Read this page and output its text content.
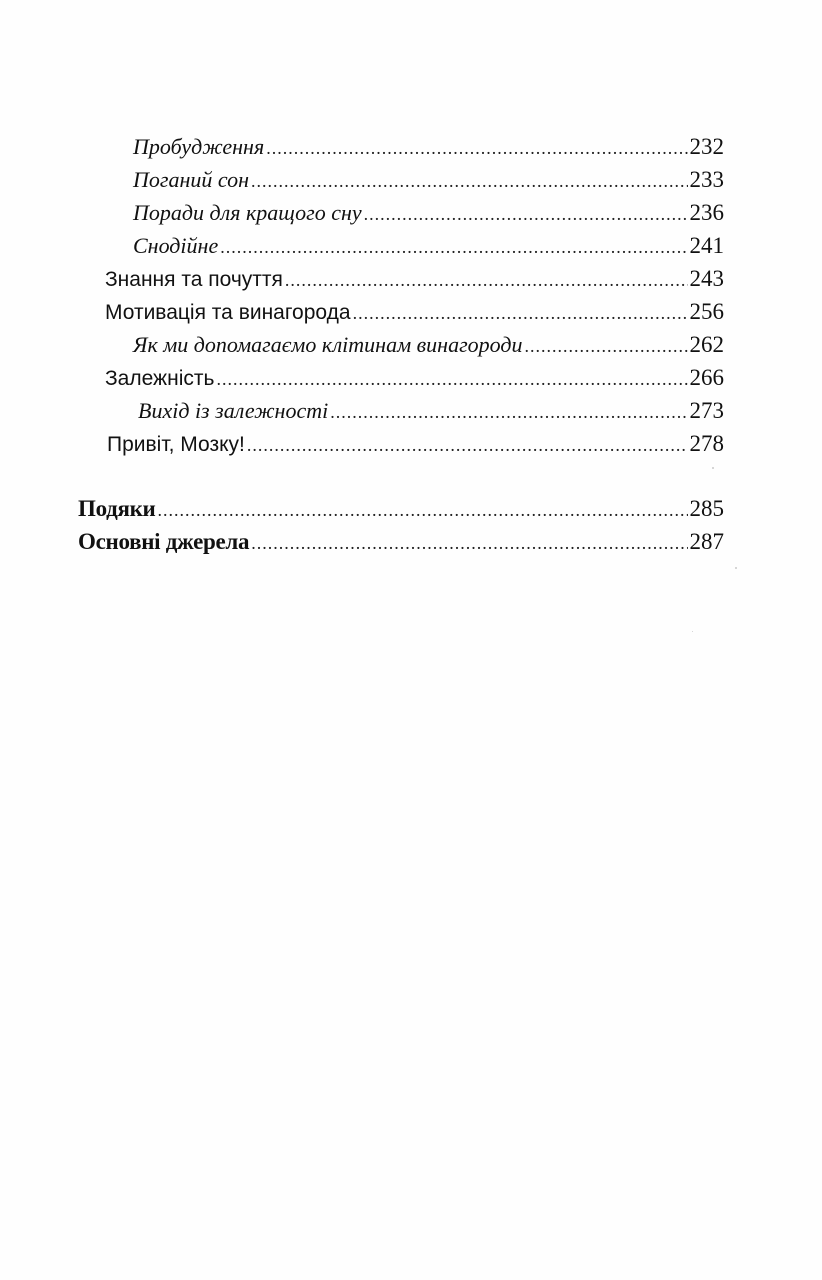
Пробудження .....	232
Поганий сон .....	233
Поради для кращого сну .....	236
Снодійне .....	241
Знання та почуття .....	243
Мотивація та винагорода .....	256
Як ми допомагаємо клітинам винагороди .....	262
Залежність .....	266
Вихід із залежності .....	273
Привіт, Мозку! .....	278
Подяки .....	285
Основні джерела .....	287
